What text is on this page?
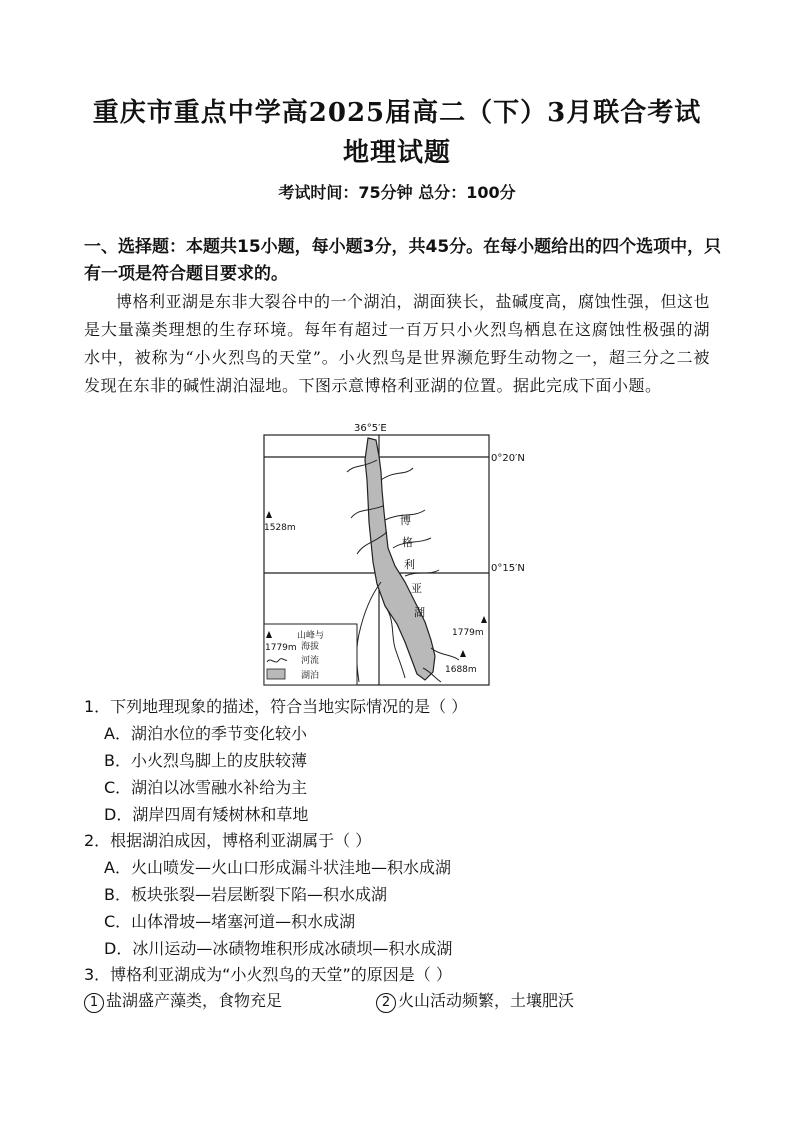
重庆市重点中学高2025届高二（下）3月联合考试
地理试题
考试时间：75分钟 总分：100分
一、选择题：本题共15小题，每小题3分，共45分。在每小题给出的四个选项中，只有一项是符合题目要求的。
博格利亚湖是东非大裂谷中的一个湖泊，湖面狭长，盐碱度高，腐蚀性强，但这也是大量藻类理想的生存环境。每年有超过一百万只小火烈鸟栖息在这腐蚀性极强的湖水中，被称为“小火烈鸟的天堂”。小火烈鸟是世界濒危野生动物之一，超三分之二被发现在东非的碱性湖泊湿地。下图示意博格利亚湖的位置。据此完成下面小题。
36°5′E
0°20′N
0°15′N
博
格
利
亚
湖
1528m
1779m
1688m
1779m
山峰与
海拔
河流
湖泊
1．下列地理现象的描述，符合当地实际情况的是（ ）
A．湖泊水位的季节变化较小
B．小火烈鸟脚上的皮肤较薄
C．湖泊以冰雪融水补给为主
D．湖岸四周有矮树林和草地
2．根据湖泊成因，博格利亚湖属于（ ）
A．火山喷发—火山口形成漏斗状洼地—积水成湖
B．板块张裂—岩层断裂下陷—积水成湖
C．山体滑坡—堵塞河道—积水成湖
D．冰川运动—冰碛物堆积形成冰碛坝—积水成湖
3．博格利亚湖成为“小火烈鸟的天堂”的原因是（ ）
1 盐湖盛产藻类，食物充足	2 火山活动频繁，土壤肥沃
